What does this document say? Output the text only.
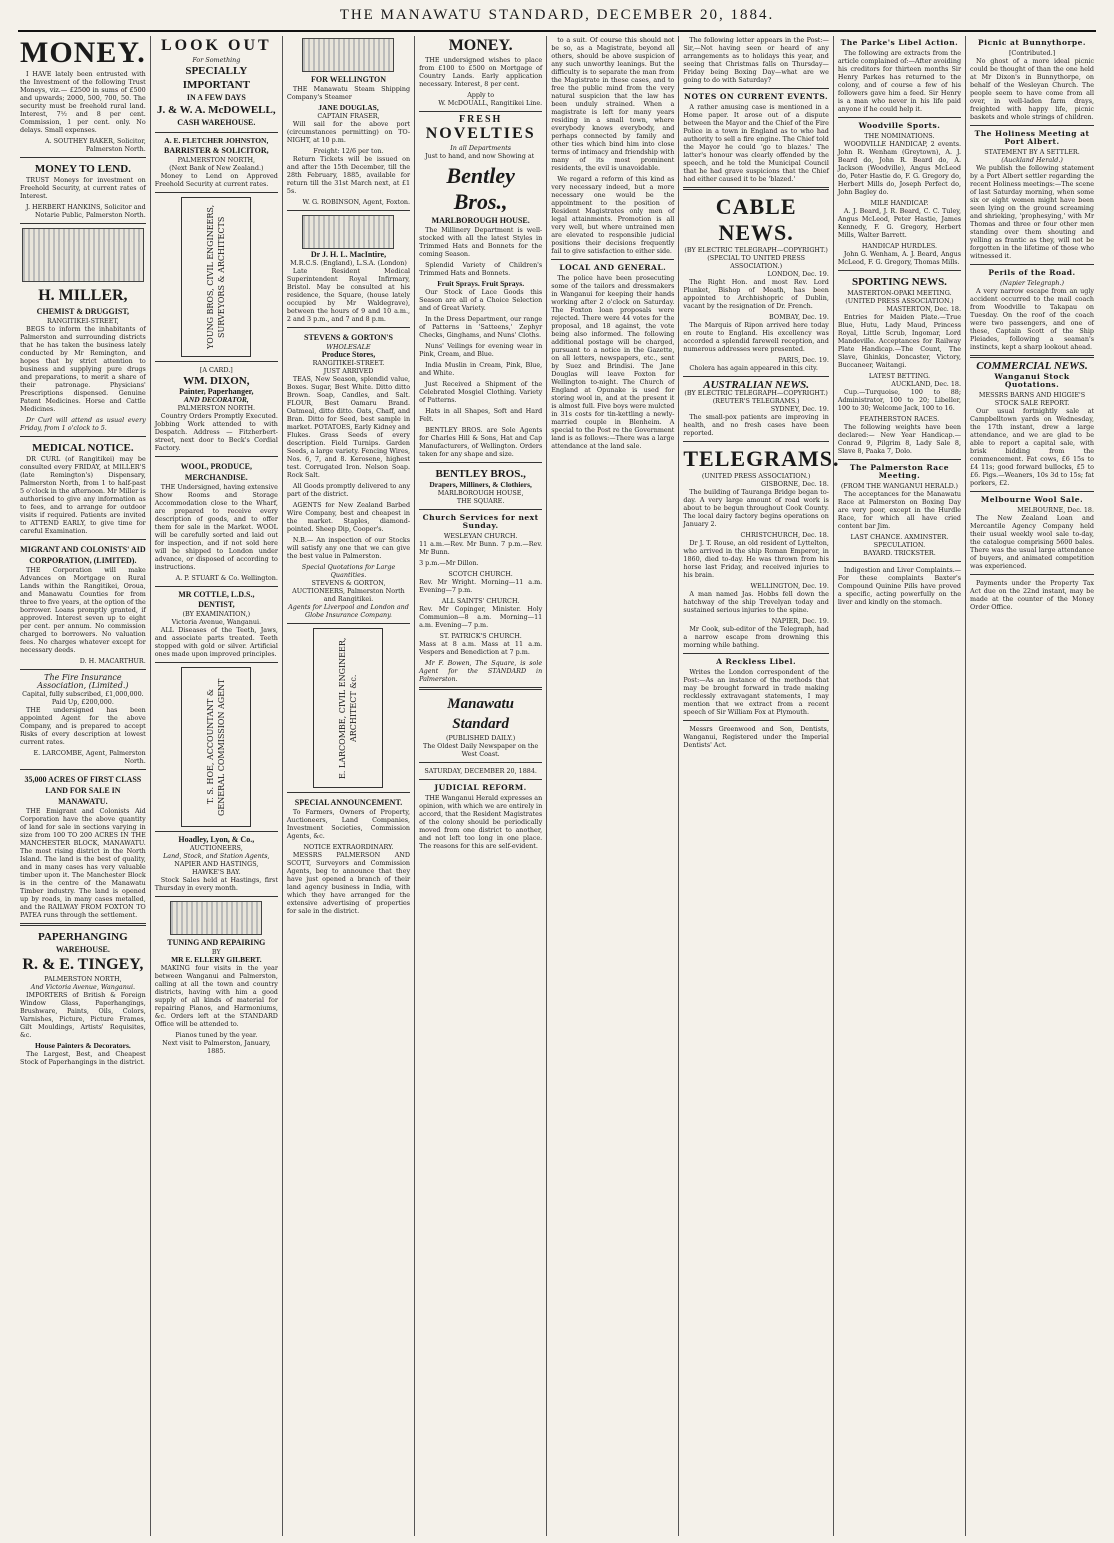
THE MANAWATU STANDARD, DECEMBER 20, 1884.
MONEY.

I HAVE lately been entrusted with the Investment of the following Trust Moneys, viz.— £2500 in sums of £500 and upwards; 2000, 500, 700, 50. The security must be freehold rural land. Interest, 7½ and 8 per cent. Commission, 1 per cent. only. No delays. Small expenses.

A. SOUTHEY BAKER, Solicitor, Palmerston North.

MONEY TO LEND.

TRUST Moneys for investment on Freehold Security, at current rates of Interest.

J. HERBERT HANKINS, Solicitor and Notarie Public, Palmerston North.

H. MILLER,
CHEMIST & DRUGGIST,
RANGITIKEI-STREET,

BEGS to inform the inhabitants of Palmerston and surrounding districts that he has taken the business lately conducted by Mr Remington, and hopes that by strict attention to business and supplying pure drugs and preparations, to merit a share of their patronage. Physicians' Prescriptions dispensed. Genuine Patent Medicines. Horse and Cattle Medicines.

Dr Curl will attend as usual every Friday, from 1 o'clock to 5.

MEDICAL NOTICE.

DR CURL (of Rangitikei) may be consulted every FRIDAY, at MILLER'S (late Remington's) Dispensary, Palmerston North, from 1 to half-past 5 o'clock in the afternoon. Mr Miller is authorised to give any information as to fees, and to arrange for outdoor visits if required. Patients are invited to ATTEND EARLY, to give time for careful Examination.

MIGRANT AND COLONISTS' AID CORPORATION, (LIMITED).

THE Corporation will make Advances on Mortgage on Rural Lands within the Rangitikei, Oroua, and Manawatu Counties for from three to five years, at the option of the borrower. Loans promptly granted, if approved. Interest seven up to eight per cent. per annum. No commission charged to borrowers. No valuation fees. No charges whatever except for necessary deeds.

D. H. MACARTHUR.

The Fire Insurance Association, (Limited.)
Capital, fully subscribed, £1,000,000.
Paid Up, £200,000.

THE undersigned has been appointed Agent for the above Company, and is prepared to accept Risks of every description at lowest current rates.

E. LARCOMBE, Agent, Palmerston North.

35,000 ACRES OF FIRST CLASS LAND FOR SALE IN MANAWATU.

THE Emigrant and Colonists Aid Corporation have the above quantity of land for sale in sections varying in size from 100 TO 200 ACRES IN THE MANCHESTER BLOCK, MANAWATU. The most rising district in the North Island. The land is the best of quality, and in many cases has very valuable timber upon it. The Manchester Block is in the centre of the Manawatu Timber industry. The land is opened up by roads, in many cases metalled, and the RAILWAY FROM FOXTON TO PATEA runs through the settlement.

PAPERHANGING
WAREHOUSE.
R. & E. TINGEY,
PALMERSTON NORTH,
And Victoria Avenue, Wanganui.

IMPORTERS of British & Foreign Window Glass, Paperhangings, Brushware, Paints, Oils, Colors, Varnishes, Picture, Picture Frames, Gilt Mouldings, Artists' Requisites, &c.

House Painters & Decorators.

The Largest, Best, and Cheapest Stock of Paperhangings in the district.

LOOK OUT
For Something
SPECIALLY IMPORTANT
IN A FEW DAYS
J. & W. A. McDOWELL,
CASH WAREHOUSE.
A. E. FLETCHER JOHNSTON,
BARRISTER & SOLICITOR,
PALMERSTON NORTH,
(Next Bank of New Zealand.)

Money to Lend on Approved Freehold Security at current rates.

YOUNG BROS, CIVIL ENGINEERS, SURVEYORS & ARCHITECTS
[A CARD.]
WM. DIXON,
Painter, Paperhanger,
AND DECORATOR,
PALMERSTON NORTH.

Country Orders Promptly Executed. Jobbing Work attended to with Despatch. Address — Fitzherbert-street, next door to Beck's Cordial Factory.

WOOL, PRODUCE, MERCHANDISE.

THE Undersigned, having extensive Show Rooms and Storage Accommodation close to the Wharf, are prepared to receive every description of goods, and to offer them for sale in the Market. WOOL will be carefully sorted and laid out for inspection, and if not sold here will be shipped to London under advance, or disposed of according to instructions.

A. P. STUART & Co. Wellington.

MR COTTLE, L.D.S.,
DENTIST,
(BY EXAMINATION,)
Victoria Avenue, Wanganui.

ALL Diseases of the Teeth, Jaws, and associate parts treated. Teeth stopped with gold or silver. Artificial ones made upon improved principles.

T. S. HOE, ACCOUNTANT & GENERAL COMMISSION AGENT
Hoadley, Lyon, & Co.,
AUCTIONEERS,
Land, Stock, and Station Agents,
NAPIER AND HASTINGS,
HAWKE'S BAY.

Stock Sales held at Hastings, first Thursday in every month.

TUNING AND REPAIRING
BY
MR E. ELLERY GILBERT.

MAKING four visits in the year between Wanganui and Palmerston, calling at all the town and country districts, having with him a good supply of all kinds of material for repairing Pianos, and Harmoniums, &c. Orders left at the STANDARD Office will be attended to.

Pianos tuned by the year.
Next visit to Palmerston, January, 1885.
FOR WELLINGTON

THE Manawatu Steam Shipping Company's Steamer

JANE DOUGLAS,
CAPTAIN FRASER,

Will sail for the above port (circumstances permitting) on TO-NIGHT, at 10 p.m.

Freight: 12/6 per ton.

Return Tickets will be issued on and after the 15th December, till the 28th February, 1885, available for return till the 31st March next, at £1 5s.

W. G. ROBINSON, Agent, Foxton.

Dr J. H. L. MacIntire,
M.R.C.S. (England), L.S.A. (London)

Late Resident Medical Superintendent Royal Infirmary, Bristol. May be consulted at his residence, the Square, (house lately occupied by Mr Waldegrave), between the hours of 9 and 10 a.m., 2 and 3 p.m., and 7 and 8 p.m.

STEVENS & GORTON'S
WHOLESALE
Produce Stores,
RANGITIKEI-STREET.
JUST ARRIVED

TEAS, New Season, splendid value, Boxes. Sugar, Best White. Ditto ditto Brown. Soap, Candles, and Salt. FLOUR, Best Oamaru Brand. Oatmeal, ditto ditto. Oats, Chaff, and Bran. Ditto for Seed, best sample in market. POTATOES, Early Kidney and Flukes. Grass Seeds of every description. Field Turnips. Garden Seeds, a large variety. Fencing Wires, Nos. 6, 7, and 8. Kerosene, highest test. Corrugated Iron. Nelson Soap. Rock Salt.

All Goods promptly delivered to any part of the district.

AGENTS for New Zealand Barbed Wire Company, best and cheapest in the market. Staples, diamond-pointed. Sheep Dip, Cooper's.

N.B.— An inspection of our Stocks will satisfy any one that we can give the best value in Palmerston.

Special Quotations for Large Quantities.
STEVENS & GORTON, AUCTIONEERS, Palmerston North and Rangitikei.
Agents for Liverpool and London and Globe Insurance Company.
E. LARCOMBE, CIVIL ENGINEER, ARCHITECT &c.
SPECIAL ANNOUNCEMENT.

To Farmers, Owners of Property, Auctioneers, Land Companies, Investment Societies, Commission Agents, &c.

NOTICE EXTRAORDINARY.

MESSRS PALMERSON AND SCOTT, Surveyors and Commission Agents, beg to announce that they have just opened a branch of their land agency business in India, with which they have arranged for the extensive advertising of properties for sale in the district.

MONEY.

THE undersigned wishes to place from £100 to £500 on Mortgage of Country Lands. Early application necessary. Interest, 8 per cent.

Apply to

W. McDOUALL, Rangitikei Line.

FRESH
NOVELTIES
In all Departments

Just to hand, and now Showing at

Bentley Bros.,
MARLBOROUGH HOUSE.

The Millinery Department is well-stocked with all the latest Styles in Trimmed Hats and Bonnets for the coming Season.

Splendid Variety of Children's Trimmed Hats and Bonnets.

Fruit Sprays. Fruit Sprays.

Our Stock of Lace Goods this Season are all of a Choice Selection and of Great Variety.

In the Dress Department, our range of Patterns in 'Satteens,' Zephyr Checks, Ginghams, and Nuns' Cloths.

Nuns' Veilings for evening wear in Pink, Cream, and Blue.

India Muslin in Cream, Pink, Blue, and White.

Just Received a Shipment of the Celebrated Mosgiel Clothing. Variety of Patterns.

Hats in all Shapes, Soft and Hard Felt.

BENTLEY BROS. are Sole Agents for Charles Hill & Sons, Hat and Cap Manufacturers, of Wellington. Orders taken for any shape and size.

BENTLEY BROS.,
Drapers, Milliners, & Clothiers,
MARLBOROUGH HOUSE,
THE SQUARE.
Church Services for next Sunday.
WESLEYAN CHURCH.

11 a.m.—Rev. Mr Bunn. 7 p.m.—Rev. Mr Bunn.

3 p.m.—Mr Dillon.

SCOTCH CHURCH.

Rev. Mr Wright. Morning—11 a.m. Evening—7 p.m.

ALL SAINTS' CHURCH.

Rev. Mr Copinger, Minister. Holy Communion—8 a.m. Morning—11 a.m. Evening—7 p.m.

ST. PATRICK'S CHURCH.

Mass at 8 a.m. Mass at 11 a.m. Vespers and Benediction at 7 p.m.

Mr F. Bowen, The Square, is sole Agent for the STANDARD in Palmerston.

Manawatu Standard
(PUBLISHED DAILY.)
The Oldest Daily Newspaper on the West Coast.
SATURDAY, DECEMBER 20, 1884.
JUDICIAL REFORM.

THE Wanganui Herald expresses an opinion, with which we are entirely in accord, that the Resident Magistrates of the colony should be periodically moved from one district to another, and not left too long in one place. The reasons for this are self-evident.

to a suit. Of course this should not be so, as a Magistrate, beyond all others, should be above suspicion of any such unworthy leanings. But the difficulty is to separate the man from the Magistrate in these cases, and to free the public mind from the very natural suspicion that the law has been unduly strained. When a magistrate is left for many years residing in a small town, where everybody knows everybody, and perhaps connected by family and other ties which bind him into close terms of intimacy and friendship with many of its most prominent residents, the evil is unavoidable.

We regard a reform of this kind as very necessary indeed, but a more necessary one would be the appointment to the position of Resident Magistrates only men of legal attainments. Promotion is all very well, but where untrained men are elevated to responsible judicial positions their decisions frequently fail to give satisfaction to either side.

LOCAL AND GENERAL.

The police have been prosecuting some of the tailors and dressmakers in Wanganui for keeping their hands working after 2 o'clock on Saturday. The Foxton loan proposals were rejected. There were 44 votes for the proposal, and 18 against, the vote being also informed. The following additional postage will be charged, pursuant to a notice in the Gazette, on all letters, newspapers, etc., sent by Suez and Brindisi. The Jane Douglas will leave Foxton for Wellington to-night. The Church of England at Opunake is used for storing wool in, and at the present it is almost full. Five boys were mulcted in 31s costs for tin-kettling a newly-married couple in Blenheim. A special to the Post re the Government land is as follows:—There was a large attendance at the land sale.

The following letter appears in the Post:—Sir,—Not having seen or heard of any arrangements as to holidays this year, and seeing that Christmas falls on Thursday—Friday being Boxing Day—what are we going to do with Saturday?

NOTES ON CURRENT EVENTS.

A rather amusing case is mentioned in a Home paper. It arose out of a dispute between the Mayor and the Chief of the Fire Police in a town in England as to who had authority to sell a fire engine. The Chief told the Mayor he could 'go to blazes.' The latter's honour was clearly offended by the speech, and he told the Municipal Council that he had grave suspicions that the Chief had either caused it to be 'blazed.'

CABLE NEWS.
(BY ELECTRIC TELEGRAPH—COPYRIGHT.) (SPECIAL TO UNITED PRESS ASSOCIATION.)
LONDON, Dec. 19.

The Right Hon. and most Rev. Lord Plunket, Bishop of Meath, has been appointed to Archbishopric of Dublin, vacant by the resignation of Dr. French.

BOMBAY, Dec. 19.

The Marquis of Ripon arrived here today en route to England. His excellency was accorded a splendid farewell reception, and numerous addresses were presented.

PARIS, Dec. 19.

Cholera has again appeared in this city.

AUSTRALIAN NEWS.
(BY ELECTRIC TELEGRAPH—COPYRIGHT.) (REUTER'S TELEGRAMS.)
SYDNEY, Dec. 19.

The small-pox patients are improving in health, and no fresh cases have been reported.

TELEGRAMS.
(UNITED PRESS ASSOCIATION.)
GISBORNE, Dec. 18.

The building of Tauranga Bridge began to-day. A very large amount of road work is about to be begun throughout Cook County. The local dairy factory begins operations on January 2.

CHRISTCHURCH, Dec. 18.

Dr J. T. Rouse, an old resident of Lyttelton, who arrived in the ship Roman Emperor, in 1860, died to-day. He was thrown from his horse last Friday, and received injuries to his brain.

WELLINGTON, Dec. 19.

A man named Jas. Hobbs fell down the hatchway of the ship Trevelyan today and sustained serious injuries to the spine.

NAPIER, Dec. 19.

Mr Cook, sub-editor of the Telegraph, had a narrow escape from drowning this morning while bathing.

A Reckless Libel.

Writes the London correspondent of the Post:—As an instance of the methods that may be brought forward in trade making recklessly extravagant statements, I may mention that we extract from a recent speech of Sir William Fox at Plymouth.

Messrs Greenwood and Son, Dentists, Wanganui, Registered under the Imperial Dentists' Act.

The Parke's Libel Action.

The following are extracts from the article complained of:—After avoiding his creditors for thirteen months Sir Henry Parkes has returned to the colony, and of course a few of his followers gave him a feed. Sir Henry is a man who never in his life paid anyone if he could help it.

Woodville Sports.
THE NOMINATIONS.

WOODVILLE HANDICAP, 2 events. John R. Wenham (Greytown), A. J. Beard do, John R. Beard do, A. Jackson (Woodville), Angus McLeod do, Peter Hastie do, F. G. Gregory do, Herbert Mills do, Joseph Perfect do, John Bagley do.

MILE HANDICAP.

A. J. Beard, J. R. Beard, C. C. Tuley, Angus McLeod, Peter Hastie, James Kennedy, F. G. Gregory, Herbert Mills, Walter Barrett.

HANDICAP HURDLES.

John G. Wenham, A. J. Beard, Angus McLeod, F. G. Gregory, Thomas Mills.

SPORTING NEWS.
MASTERTON-OPAKI MEETING.
(UNITED PRESS ASSOCIATION.)
MASTERTON, Dec. 18.

Entries for Maiden Plate.—True Blue, Hutu, Lady Maud, Princess Royal, Little Scrub, Ingomar, Lord Mandeville. Acceptances for Railway Plate Handicap.—The Count, The Slave, Ghinkis, Doncaster, Victory, Buccaneer, Waitangi.

LATEST BETTING.
AUCKLAND, Dec. 18.

Cup.—Turquoise, 100 to 88; Administrator, 100 to 20; Libeller, 100 to 30; Welcome Jack, 100 to 16.

FEATHERSTON RACES.

The following weights have been declared:— New Year Handicap.—Conrad 9, Pilgrim 8, Lady Sale 8, Slave 8, Paaka 7, Dolo.

The Palmerston Race Meeting.
(FROM THE WANGANUI HERALD.)

The acceptances for the Manawatu Race at Palmerston on Boxing Day are very poor, except in the Hurdle Race, for which all have cried content bar Jim.

LAST CHANCE. AXMINSTER. SPECULATION.
BAYARD. TRICKSTER.

Indigestion and Liver Complaints.—For these complaints Baxter's Compound Quinine Pills have proved a specific, acting powerfully on the liver and kindly on the stomach.

Picnic at Bunnythorpe.
[Contributed.]

No ghost of a more ideal picnic could be thought of than the one held at Mr Dixon's in Bunnythorpe, on behalf of the Wesleyan Church. The people seem to have come from all over, in well-laden farm drays, freighted with happy life, picnic baskets and whole strings of children.

The Holiness Meeting at Port Albert.
STATEMENT BY A SETTLER.
(Auckland Herald.)

We publish the following statement by a Port Albert settler regarding the recent Holiness meetings:—The scene of last Saturday morning, when some six or eight women might have been seen lying on the ground screaming and shrieking, 'prophesying,' with Mr Thomas and three or four other men standing over them shouting and yelling as frantic as they, will not be forgotten in the lifetime of those who witnessed it.

Perils of the Road.
(Napier Telegraph.)

A very narrow escape from an ugly accident occurred to the mail coach from Woodville to Takapau on Tuesday. On the roof of the coach were two passengers, and one of these, Captain Scott of the Ship Pleiades, following a seaman's instincts, kept a sharp lookout ahead.

COMMERCIAL NEWS.
Wanganui Stock Quotations.
MESSRS BARNS AND HIGGIE'S STOCK SALE REPORT.

Our usual fortnightly sale at Campbelltown yards on Wednesday, the 17th instant, drew a large attendance, and we are glad to be able to report a capital sale, with brisk bidding from the commencement. Fat cows, £6 15s to £4 11s; good forward bullocks, £5 to £6. Pigs.—Weaners, 10s 3d to 15s; fat porkers, £2.

Melbourne Wool Sale.
MELBOURNE, Dec. 18.

The New Zealand Loan and Mercantile Agency Company held their usual weekly wool sale to-day, the catalogue comprising 5600 bales. There was the usual large attendance of buyers, and animated competition was experienced.

Payments under the Property Tax Act due on the 22nd instant, may be made at the counter of the Money Order Office.
